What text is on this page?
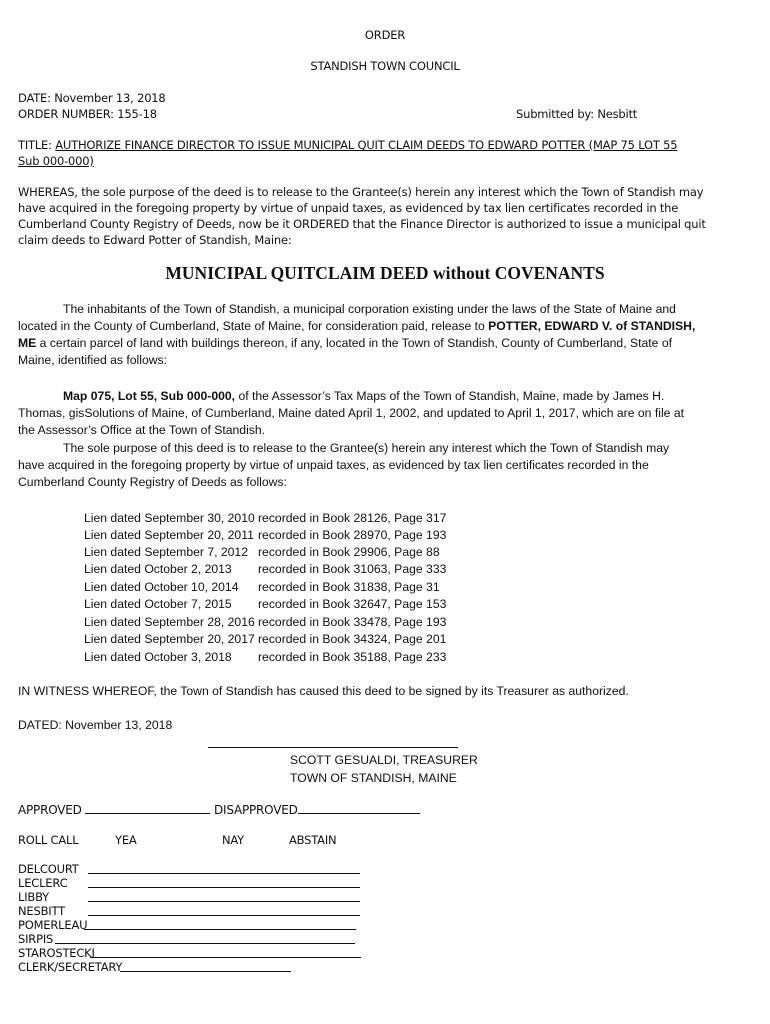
ORDER
STANDISH TOWN COUNCIL
DATE: November 13, 2018
ORDER NUMBER: 155-18	Submitted by: Nesbitt
TITLE: AUTHORIZE FINANCE DIRECTOR TO ISSUE MUNICIPAL QUIT CLAIM DEEDS TO EDWARD POTTER (MAP 75 LOT 55
Sub 000-000)
WHEREAS, the sole purpose of the deed is to release to the Grantee(s) herein any interest which the Town of Standish may
have acquired in the foregoing property by virtue of unpaid taxes, as evidenced by tax lien certificates recorded in the
Cumberland County Registry of Deeds, now be it ORDERED that the Finance Director is authorized to issue a municipal quit
claim deeds to Edward Potter of Standish, Maine:
MUNICIPAL QUITCLAIM DEED without COVENANTS
The inhabitants of the Town of Standish, a municipal corporation existing under the laws of the State of Maine and
located in the County of Cumberland, State of Maine, for consideration paid, release to POTTER, EDWARD V. of STANDISH,
ME a certain parcel of land with buildings thereon, if any, located in the Town of Standish, County of Cumberland, State of
Maine, identified as follows:
Map 075, Lot 55, Sub 000-000, of the Assessor’s Tax Maps of the Town of Standish, Maine, made by James H.
Thomas, gisSolutions of Maine, of Cumberland, Maine dated April 1, 2002, and updated to April 1, 2017, which are on file at
the Assessor’s Office at the Town of Standish.
The sole purpose of this deed is to release to the Grantee(s) herein any interest which the Town of Standish may
have acquired in the foregoing property by virtue of unpaid taxes, as evidenced by tax lien certificates recorded in the
Cumberland County Registry of Deeds as follows:
Lien dated September 30, 2010 recorded in Book 28126, Page 317
Lien dated September 20, 2011 recorded in Book 28970, Page 193
Lien dated September 7, 2012 recorded in Book 29906, Page 88
Lien dated October 2, 2013 recorded in Book 31063, Page 333
Lien dated October 10, 2014 recorded in Book 31838, Page 31
Lien dated October 7, 2015 recorded in Book 32647, Page 153
Lien dated September 28, 2016 recorded in Book 33478, Page 193
Lien dated September 20, 2017 recorded in Book 34324, Page 201
Lien dated October 3, 2018 recorded in Book 35188, Page 233
IN WITNESS WHEREOF, the Town of Standish has caused this deed to be signed by its Treasurer as authorized.
DATED: November 13, 2018
SCOTT GESUALDI, TREASURER
TOWN OF STANDISH, MAINE
APPROVED	DISAPPROVED
ROLL CALL	YEA	NAY	ABSTAIN
DELCOURT
LECLERC
LIBBY
NESBITT
POMERLEAU
SIRPIS
STAROSTECKI
CLERK/SECRETARY
